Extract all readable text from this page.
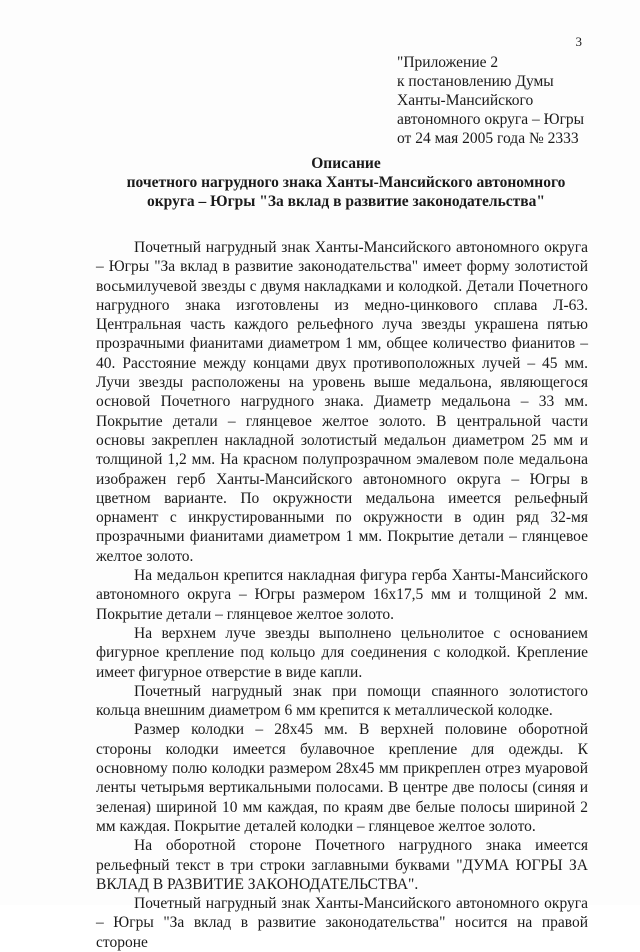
3
"Приложение 2
к постановлению Думы
Ханты-Мансийского
автономного округа – Югры
от 24 мая 2005 года № 2333
Описание
почетного нагрудного знака Ханты-Мансийского автономного
округа – Югры "За вклад в развитие законодательства"

Почетный нагрудный знак Ханты-Мансийского автономного округа – Югры "За вклад в развитие законодательства" имеет форму золотистой восьмилучевой звезды с двумя накладками и колодкой. Детали Почетного нагрудного знака изготовлены из медно-цинкового сплава Л-63. Центральная часть каждого рельефного луча звезды украшена пятью прозрачными фианитами диаметром 1 мм, общее количество фианитов – 40. Расстояние между концами двух противоположных лучей – 45 мм. Лучи звезды расположены на уровень выше медальона, являющегося основой Почетного нагрудного знака. Диаметр медальона – 33 мм. Покрытие детали – глянцевое желтое золото. В центральной части основы закреплен накладной золотистый медальон диаметром 25 мм и толщиной 1,2 мм. На красном полупрозрачном эмалевом поле медальона изображен герб Ханты-Мансийского автономного округа – Югры в цветном варианте. По окружности медальона имеется рельефный орнамент с инкрустированными по окружности в один ряд 32-мя прозрачными фианитами диаметром 1 мм. Покрытие детали – глянцевое желтое золото.

На медальон крепится накладная фигура герба Ханты-Мансийского автономного округа – Югры размером 16х17,5 мм и толщиной 2 мм. Покрытие детали – глянцевое желтое золото.

На верхнем луче звезды выполнено цельнолитое с основанием фигурное крепление под кольцо для соединения с колодкой. Крепление имеет фигурное отверстие в виде капли.

Почетный нагрудный знак при помощи спаянного золотистого кольца внешним диаметром 6 мм крепится к металлической колодке.

Размер колодки – 28х45 мм. В верхней половине оборотной стороны колодки имеется булавочное крепление для одежды. К основному полю колодки размером 28х45 мм прикреплен отрез муаровой ленты четырьмя вертикальными полосами. В центре две полосы (синяя и зеленая) шириной 10 мм каждая, по краям две белые полосы шириной 2 мм каждая. Покрытие деталей колодки – глянцевое желтое золото.

На оборотной стороне Почетного нагрудного знака имеется рельефный текст в три строки заглавными буквами "ДУМА ЮГРЫ ЗА ВКЛАД В РАЗВИТИЕ ЗАКОНОДАТЕЛЬСТВА".

Почетный нагрудный знак Ханты-Мансийского автономного округа – Югры "За вклад в развитие законодательства" носится на правой стороне
